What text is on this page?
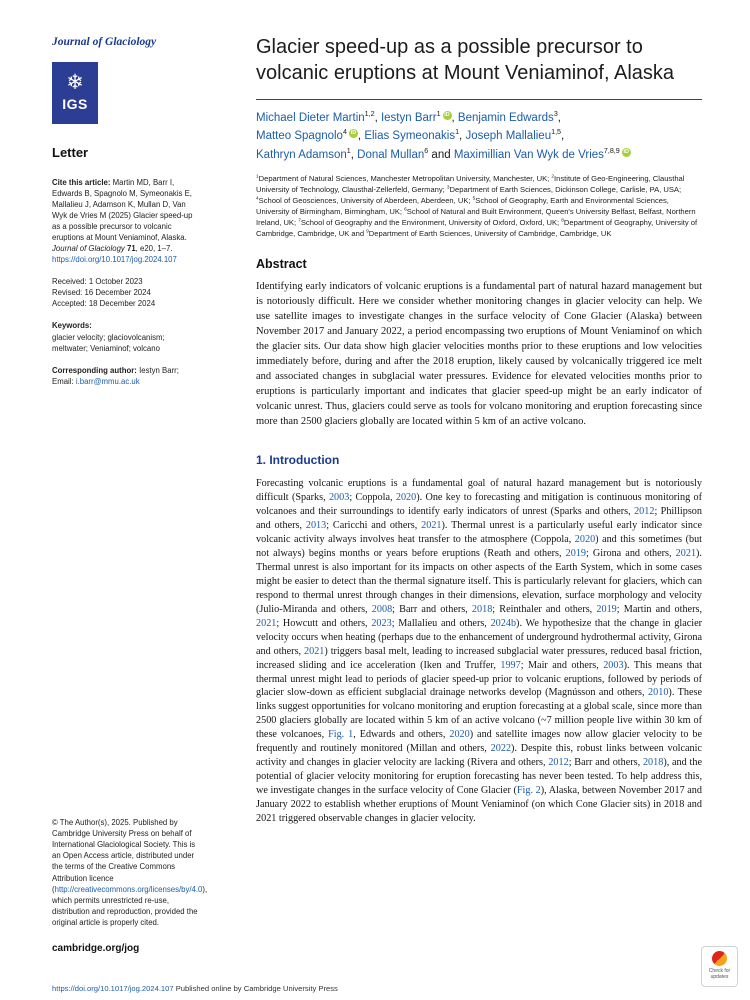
Journal of Glaciology
❄
IGS
Letter

Cite this article: Martin MD, Barr I, Edwards B, Spagnolo M, Symeonakis E, Mallalieu J, Adamson K, Mullan D, Van Wyk de Vries M (2025) Glacier speed-up as a possible precursor to volcanic eruptions at Mount Veniaminof, Alaska. Journal of Glaciology 71, e20, 1–7. https://doi.org/10.1017/jog.2024.107

Received: 1 October 2023
Revised: 16 December 2024
Accepted: 18 December 2024

Keywords:
glacier velocity; glaciovolcanism; meltwater; Veniaminof; volcano

Corresponding author: Iestyn Barr;
Email: i.barr@mmu.ac.uk

© The Author(s), 2025. Published by Cambridge University Press on behalf of International Glaciological Society. This is an Open Access article, distributed under the terms of the Creative Commons Attribution licence (http://creativecommons.org/licenses/by/4.0), which permits unrestricted re-use, distribution and reproduction, provided the original article is properly cited.

cambridge.org/jog
Glacier speed-up as a possible precursor to volcanic eruptions at Mount Veniaminof, Alaska

Michael Dieter Martin$^{1,2}$, Iestyn Barr$^1$ iD , Benjamin Edwards$^3$,
Matteo Spagnolo$^4$ iD , Elias Symeonakis$^1$, Joseph Mallalieu$^{1,5}$,
Kathryn Adamson$^1$, Donal Mullan$^6$ and Maximillian Van Wyk de Vries$^{7,8,9}$ iD

$^1$Department of Natural Sciences, Manchester Metropolitan University, Manchester, UK; $^2$Institute of Geo-Engineering, Clausthal University of Technology, Clausthal-Zellerfeld, Germany; $^3$Department of Earth Sciences, Dickinson College, Carlisle, PA, USA; $^4$School of Geosciences, University of Aberdeen, Aberdeen, UK; $^5$School of Geography, Earth and Environmental Sciences, University of Birmingham, Birmingham, UK; $^6$School of Natural and Built Environment, Queen's University Belfast, Belfast, Northern Ireland, UK; $^7$School of Geography and the Environment, University of Oxford, Oxford, UK; $^8$Department of Geography, University of Cambridge, Cambridge, UK and $^9$Department of Earth Sciences, University of Cambridge, Cambridge, UK

Abstract

Identifying early indicators of volcanic eruptions is a fundamental part of natural hazard management but is notoriously difficult. Here we consider whether monitoring changes in glacier velocity can help. We use satellite images to investigate changes in the surface velocity of Cone Glacier (Alaska) between November 2017 and January 2022, a period encompassing two eruptions of Mount Veniaminof on which the glacier sits. Our data show high glacier velocities months prior to these eruptions and low velocities immediately before, during and after the 2018 eruption, likely caused by volcanically triggered ice melt and associated changes in subglacial water pressures. Evidence for elevated velocities months prior to eruptions is particularly important and indicates that glacier speed-up might be an early indicator of volcanic unrest. Thus, glaciers could serve as tools for volcano monitoring and eruption forecasting since more than 2500 glaciers globally are located within 5 km of an active volcano.

1. Introduction

Forecasting volcanic eruptions is a fundamental goal of natural hazard management but is notoriously difficult (Sparks, 2003; Coppola, 2020). One key to forecasting and mitigation is continuous monitoring of volcanoes and their surroundings to identify early indicators of unrest (Sparks and others, 2012; Phillipson and others, 2013; Caricchi and others, 2021). Thermal unrest is a particularly useful early indicator since volcanic activity always involves heat transfer to the atmosphere (Coppola, 2020) and this sometimes (but not always) begins months or years before eruptions (Reath and others, 2019; Girona and others, 2021). Thermal unrest is also important for its impacts on other aspects of the Earth System, which in some cases might be easier to detect than the thermal signature itself. This is particularly relevant for glaciers, which can respond to thermal unrest through changes in their dimensions, elevation, surface morphology and velocity (Julio-Miranda and others, 2008; Barr and others, 2018; Reinthaler and others, 2019; Martin and others, 2021; Howcutt and others, 2023; Mallalieu and others, 2024b). We hypothesize that the change in glacier velocity occurs when heating (perhaps due to the enhancement of underground hydrothermal activity, Girona and others, 2021) triggers basal melt, leading to increased subglacial water pressures, reduced basal friction, increased sliding and ice acceleration (Iken and Truffer, 1997; Mair and others, 2003). This means that thermal unrest might lead to periods of glacier speed-up prior to volcanic eruptions, followed by periods of glacier slow-down as efficient subglacial drainage networks develop (Magnússon and others, 2010). These links suggest opportunities for volcano monitoring and eruption forecasting at a global scale, since more than 2500 glaciers globally are located within 5 km of an active volcano (~7 million people live within 30 km of these volcanoes, Fig. 1, Edwards and others, 2020) and satellite images now allow glacier velocity to be frequently and routinely monitored (Millan and others, 2022). Despite this, robust links between volcanic activity and changes in glacier velocity are lacking (Rivera and others, 2012; Barr and others, 2018), and the potential of glacier velocity monitoring for eruption forecasting has never been tested. To help address this, we investigate changes in the surface velocity of Cone Glacier (Fig. 2), Alaska, between November 2017 and January 2022 to establish whether eruptions of Mount Veniaminof (on which Cone Glacier sits) in 2018 and 2021 triggered observable changes in glacier velocity.

https://doi.org/10.1017/jog.2024.107 Published online by Cambridge University Press
Check for updates
